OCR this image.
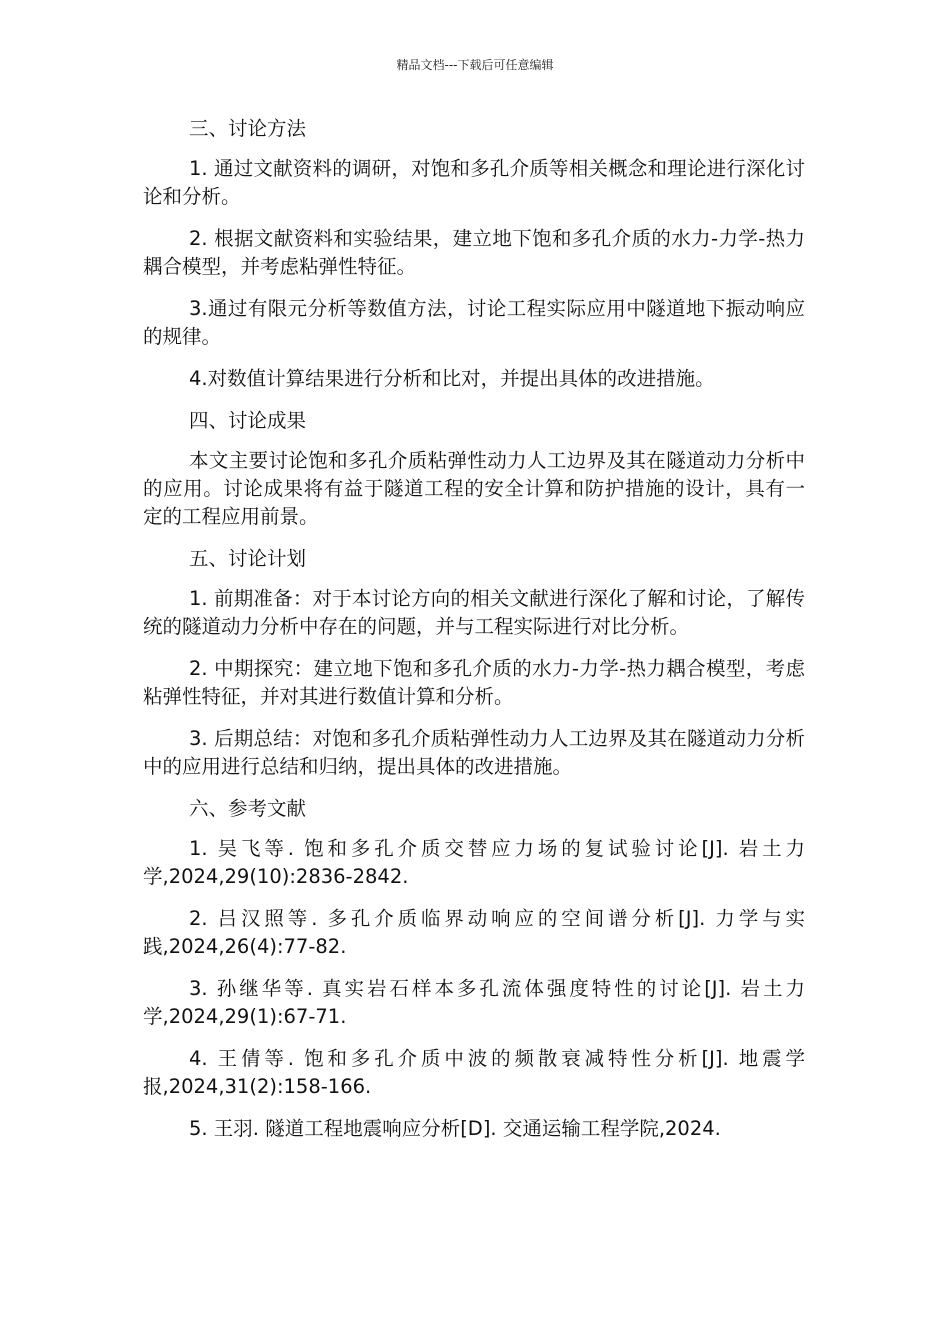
精品文档---下载后可任意编辑

三、讨论方法

1. 通过文献资料的调研，对饱和多孔介质等相关概念和理论进行深化讨论和分析。

2. 根据文献资料和实验结果，建立地下饱和多孔介质的水力-力学-热力耦合模型，并考虑粘弹性特征。

3.通过有限元分析等数值方法，讨论工程实际应用中隧道地下振动响应的规律。

4.对数值计算结果进行分析和比对，并提出具体的改进措施。

四、讨论成果

本文主要讨论饱和多孔介质粘弹性动力人工边界及其在隧道动力分析中的应用。讨论成果将有益于隧道工程的安全计算和防护措施的设计，具有一定的工程应用前景。

五、讨论计划

1. 前期准备：对于本讨论方向的相关文献进行深化了解和讨论，了解传统的隧道动力分析中存在的问题，并与工程实际进行对比分析。

2. 中期探究：建立地下饱和多孔介质的水力-力学-热力耦合模型，考虑粘弹性特征，并对其进行数值计算和分析。

3. 后期总结：对饱和多孔介质粘弹性动力人工边界及其在隧道动力分析中的应用进行总结和归纳，提出具体的改进措施。

六、参考文献

1. 吴飞等. 饱和多孔介质交替应力场的复试验讨论[J]. 岩土力学,2024,29(10):2836-2842.

2. 吕汉照等. 多孔介质临界动响应的空间谱分析[J]. 力学与实践,2024,26(4):77-82.

3. 孙继华等. 真实岩石样本多孔流体强度特性的讨论[J]. 岩土力学,2024,29(1):67-71.

4. 王倩等. 饱和多孔介质中波的频散衰减特性分析[J]. 地震学报,2024,31(2):158-166.

5. 王羽. 隧道工程地震响应分析[D]. 交通运输工程学院,2024.
